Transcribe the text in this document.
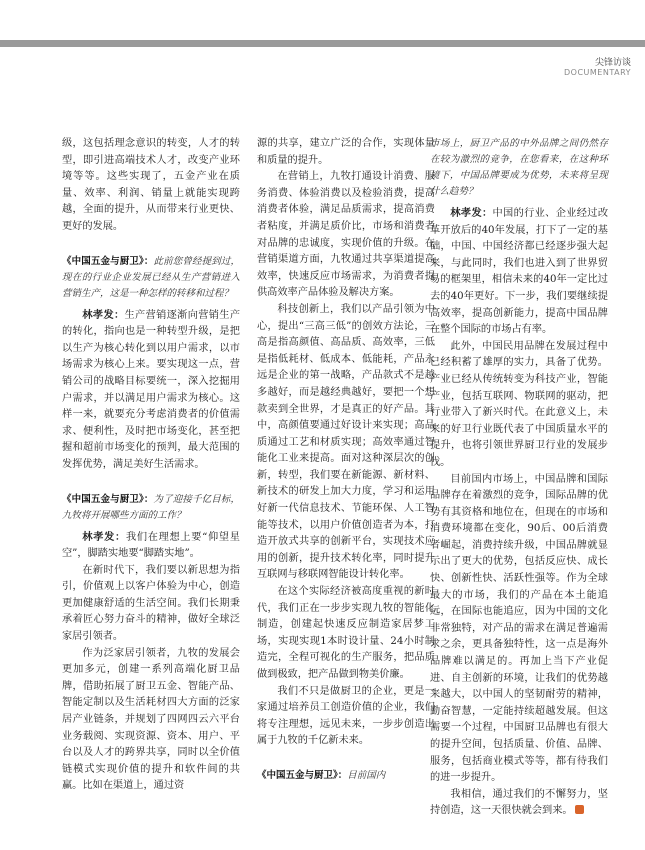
尖锋访谈
DOCUMENTARY

级，这包括理念意识的转变，人才的转型，即引进高端技术人才，改变产业环境等等。这些实现了，五金产业在质量、效率、利润、销量上就能实现跨越，全面的提升，从而带来行业更快、更好的发展。

《中国五金与厨卫》：此前您曾经提到过，现在的行业企业发展已经从生产营销进入营销生产，这是一种怎样的转移和过程？

林孝发：生产营销逐渐向营销生产的转化，指向也是一种转型升级，是把以生产为核心转化到以用户需求，以市场需求为核心上来。要实现这一点，营销公司的战略目标要统一，深入挖掘用户需求，并以满足用户需求为核心。这样一来，就要充分考虑消费者的价值需求、便利性，及时把市场变化，甚至把握和超前市场变化的预判，最大范围的发挥优势，满足美好生活需求。

《中国五金与厨卫》：为了迎接千亿目标，九牧将开展哪些方面的工作？

林孝发：我们在理想上要“仰望星空”，脚踏实地要“脚踏实地”。

在新时代下，我们要以新思想为指引，价值观上以客户体验为中心，创造更加健康舒适的生活空间。我们长期秉承着匠心努力奋斗的精神，做好全球泛家居引领者。

作为泛家居引领者，九牧的发展会更加多元，创建一系列高端化厨卫品牌，借助拓展了厨卫五金、智能产品、智能定制以及生活耗材四大方面的泛家居产业链条，并规划了四网四云六平台业务载阅、实现资源、资本、用户、平台以及人才的跨界共享，同时以全价值链模式实现价值的提升和软件间的共赢。比如在渠道上，通过资

源的共享，建立广泛的合作，实现体量和质量的提升。

在营销上，九牧打通设计消费、服务消费、体验消费以及检验消费，提高消费者体验，满足品质需求，提高消费者粘度，并满足质价比，市场和消费者对品牌的忠诚度，实现价值的升级。在营销渠道方面，九牧通过共享渠道提高效率，快速反应市场需求，为消费者提供高效率产品体验及解决方案。

科技创新上，我们以产品引领为中心，提出“三高三低”的创效方法论，三高是指高颜值、高品质、高效率，三低是指低耗材、低成本、低能耗，产品永远是企业的第一战略，产品款式不是越多越好，而是越经典越好，要把一个想款卖到全世界，才是真正的好产品。其中，高颜值要通过好设计来实现；高品质通过工艺和材质实现；高效率通过智能化工业来提高。面对这种深层次的创新，转型，我们要在新能源、新材料、新技术的研发上加大力度，学习和运用好新一代信息技术、节能环保、人工智能等技术，以用户价值创造者为本，打造开放式共享的创新平台，实现技术应用的创新，提升技术转化率，同时提升互联网与移联网智能设计转化率。

在这个实际经济被高度重视的新时代，我们正在一步步实现九牧的智能化制造，创建起快速反应制造家居梦工场，实现实现1本时设计量、24小时制造完，全程可视化的生产服务，把品质做到极致，把产品做到物美价廉。

我们不只是做厨卫的企业，更是一家通过培养员工创造价值的企业，我们将专注理想，远见未来，一步步创造出属于九牧的千亿新未来。

《中国五金与厨卫》：目前国内

市场上，厨卫产品的中外品牌之间仍然存在较为激烈的竞争，在您看来，在这种环境下，中国品牌要成为优势，未来将呈现什么趋势？

林孝发：中国的行业、企业经过改革开放后的40年发展，打下了一定的基础，中国、中国经济都已经逐步强大起来，与此同时，我们也进入到了世界贸易的框架里，相信未来的40年一定比过去的40年更好。下一步，我们要继续提高效率，提高创新能力，提高中国品牌在整个国际的市场占有率。

此外，中国民用品牌在发展过程中已经积蓄了雄厚的实力，具备了优势。产业已经从传统转变为科技产业，智能产业，包括互联网、物联网的驱动，把行业带入了新兴时代。在此意义上，未来的好卫行业既代表了中国质量水平的提升，也将引领世界厨卫行业的发展步伐。

目前国内市场上，中国品牌和国际品牌存在着激烈的竞争，国际品牌的优势有其资格和地位在，但现在的市场和消费环境都在变化，90后、00后消费者崛起，消费持续升级，中国品牌就显示出了更大的优势，包括反应快、成长快、创新性快、活跃性强等。作为全球最大的市场，我们的产品在本土能追远，在国际也能追应，因为中国的文化非常独特，对产品的需求在满足普遍需求之余，更具备独特性，这一点是海外品牌难以满足的。再加上当下产业促进、自主创新的环境，让我们的优势越来越大，以中国人的坚韧耐劳的精神，勤奋智慧，一定能持续超越发展。但这需要一个过程，中国厨卫品牌也有很大的提升空间，包括质量、价值、品牌、服务，包括商业模式等等，都有待我们的进一步提升。

我相信，通过我们的不懈努力，坚持创造，这一天很快就会到来。
